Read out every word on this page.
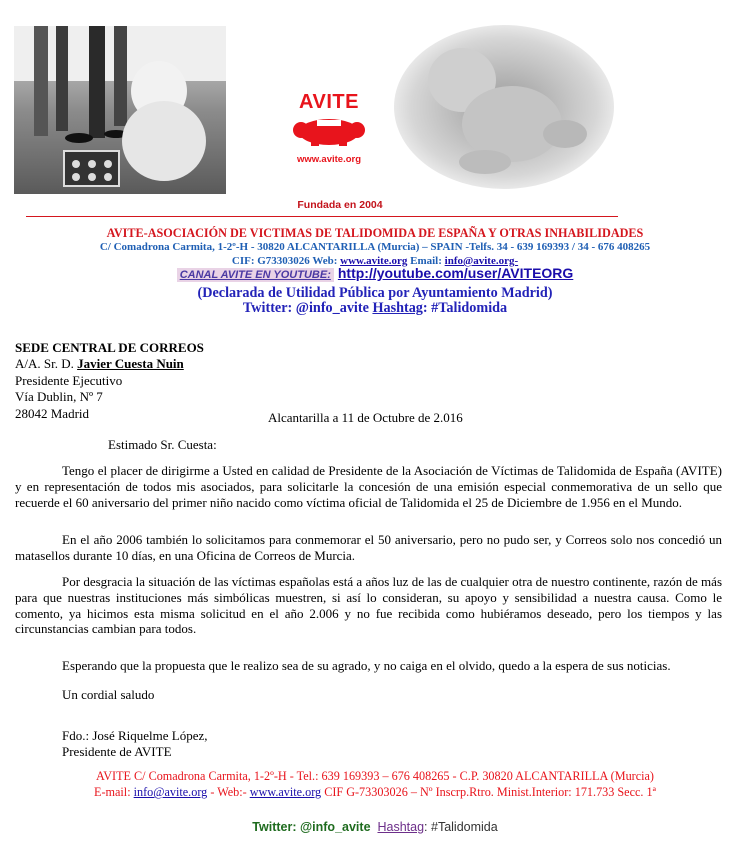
AVITE
www.avite.org
Fundada en 2004
AVITE-ASOCIACIÓN DE VICTIMAS DE TALIDOMIDA DE ESPAÑA Y OTRAS INHABILIDADES
C/ Comadrona Carmita, 1-2º-H - 30820 ALCANTARILLA (Murcia) – SPAIN -Telfs. 34 - 639 169393 / 34 - 676 408265
CIF: G73303026 Web: www.avite.org Email: info@avite.org-
CANAL AVITE EN YOUTUBE: http://youtube.com/user/AVITEORG
(Declarada de Utilidad Pública por Ayuntamiento Madrid)
Twitter: @info_avite Hashtag: #Talidomida
SEDE CENTRAL DE CORREOS
A/A. Sr. D. Javier Cuesta Nuin
Presidente Ejecutivo
Vía Dublin, Nº 7
28042 Madrid	Alcantarilla a 11 de Octubre de 2.016
Estimado Sr. Cuesta:
Tengo el placer de dirigirme a Usted en calidad de Presidente de la Asociación de Víctimas de Talidomida de España (AVITE) y en representación de todos mis asociados, para solicitarle la concesión de una emisión especial conmemorativa de un sello que recuerde el 60 aniversario del primer niño nacido como víctima oficial de Talidomida el 25 de Diciembre de 1.956 en el Mundo.
En el año 2006 también lo solicitamos para conmemorar el 50 aniversario, pero no pudo ser, y Correos solo nos concedió un matasellos durante 10 días, en una Oficina de Correos de Murcia.
Por desgracia la situación de las víctimas españolas está a años luz de las de cualquier otra de nuestro continente, razón de más para que nuestras instituciones más simbólicas muestren, si así lo consideran, su apoyo y sensibilidad a nuestra causa. Como le comento, ya hicimos esta misma solicitud en el año 2.006 y no fue recibida como hubiéramos deseado, pero los tiempos y las circunstancias cambian para todos.
Esperando que la propuesta que le realizo sea de su agrado, y no caiga en el olvido, quedo a la espera de sus noticias.
Un cordial saludo
Fdo.: José Riquelme López,
Presidente de AVITE
AVITE C/ Comadrona Carmita, 1-2º-H - Tel.: 639 169393 – 676 408265 - C.P. 30820 ALCANTARILLA (Murcia)
E-mail: info@avite.org - Web:- www.avite.org CIF G-73303026 – Nº Inscrp.Rtro. Minist.Interior: 171.733 Secc. 1ª
Twitter: @info_avite Hashtag: #Talidomida
